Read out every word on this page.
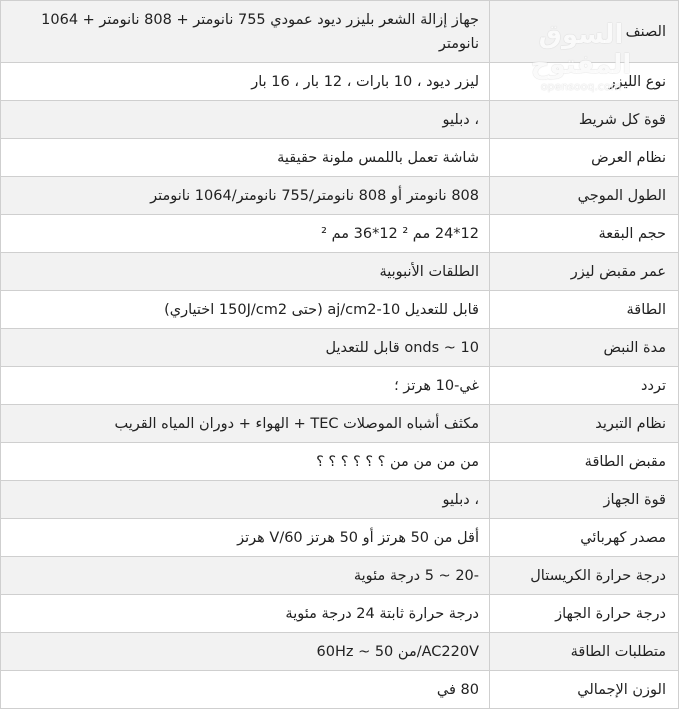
الصنف	جهاز إزالة الشعر بليزر ديود عمودي 755 نانومتر + 808 نانومتر + 1064 نانومتر
نوع الليزر	ليزر ديود ، 10 بارات ، 12 بار ، 16 بار
قوة كل شريط	، دبليو
نظام العرض	شاشة تعمل باللمس ملونة حقيقية
الطول الموجي	808 نانومتر أو 808 نانومتر/755 نانومتر/1064 نانومتر
حجم البقعة	12*24 مم ² 12*36 مم ²
عمر مقبض ليزر	الطلقات الأنبوبية
الطاقة	قابل للتعديل aj/cm2-10 (حتى 150J/cm2 اختياري)
مدة النبض	10 ~ onds قابل للتعديل
تردد	غي-10 هرتز ؛
نظام التبريد	مكثف أشباه الموصلات TEC + الهواء + دوران المياه القريب
مقبض الطاقة	من من من من ؟ ؟ ؟ ؟ ؟ ؟
قوة الجهاز	، دبليو
مصدر كهربائي	أقل من 50 هرتز أو 50 هرتز V/60 هرتز
درجة حرارة الكريستال	-20 ~ 5 درجة مئوية
درجة حرارة الجهاز	درجة حرارة ثابتة 24 درجة مئوية
متطلبات الطاقة	60Hz ~ 50 من/AC220V
الوزن الإجمالي	80 في
السوق المفتوح
opensooq.com
